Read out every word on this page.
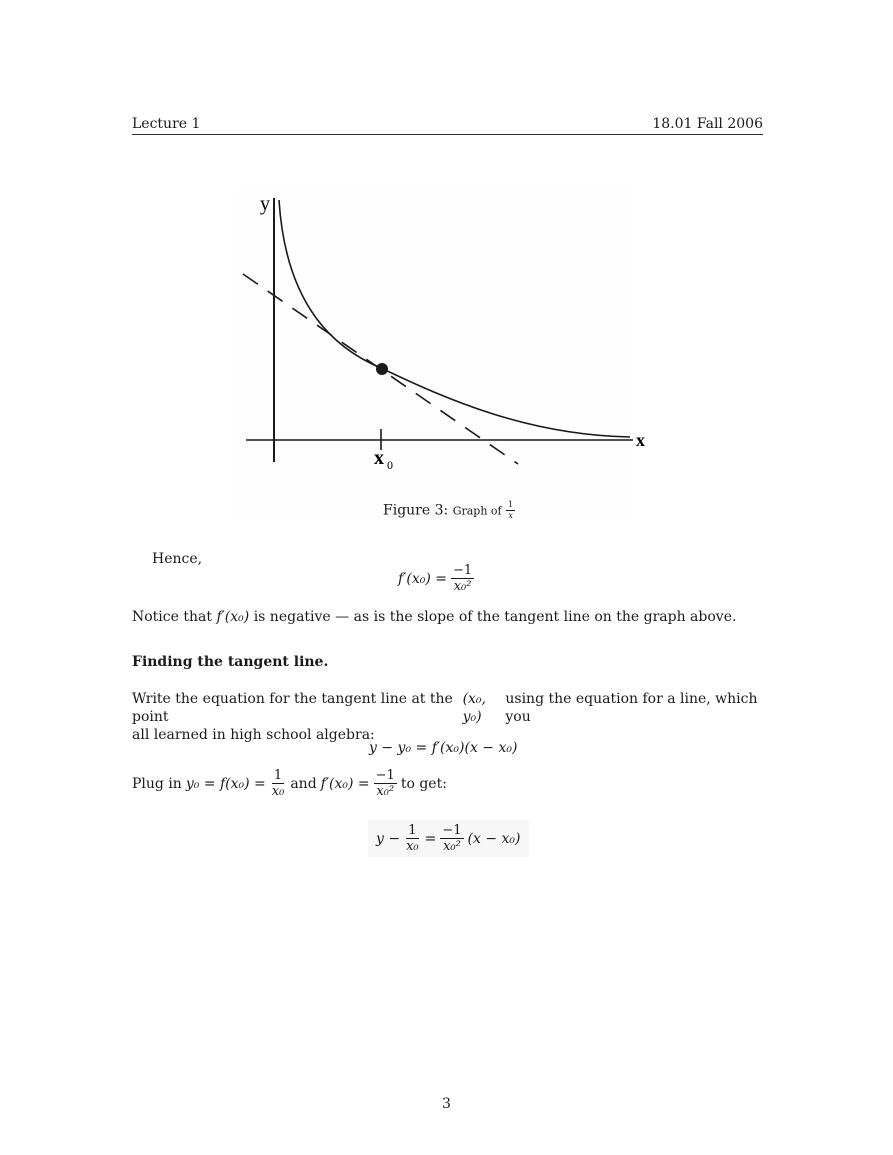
Lecture 1	18.01 Fall 2006
y
x
x 0
Figure 3: Graph of $\frac{1}{x}$
Hence,
$f'(x_0) = \frac{-1}{\text{x₀²}}$
Notice that f′(x₀) is negative — as is the slope of the tangent line on the graph above.
Finding the tangent line.
Write the equation for the tangent line at the point
(x₀, y₀)
using the equation for a line, which you
all learned in high school algebra:
y − y₀ = f′(x₀)(x − x₀)
Plug in $y_0 = f(x_0) = \frac{1}{\text{x₀}}$ and $f'(x_0) = \frac{-1}{\text{x₀²}}$ to get:
$y - \frac{1}{\text{x₀}} = \frac{-1}{\text{x₀²}} (x - x_0)$
3
